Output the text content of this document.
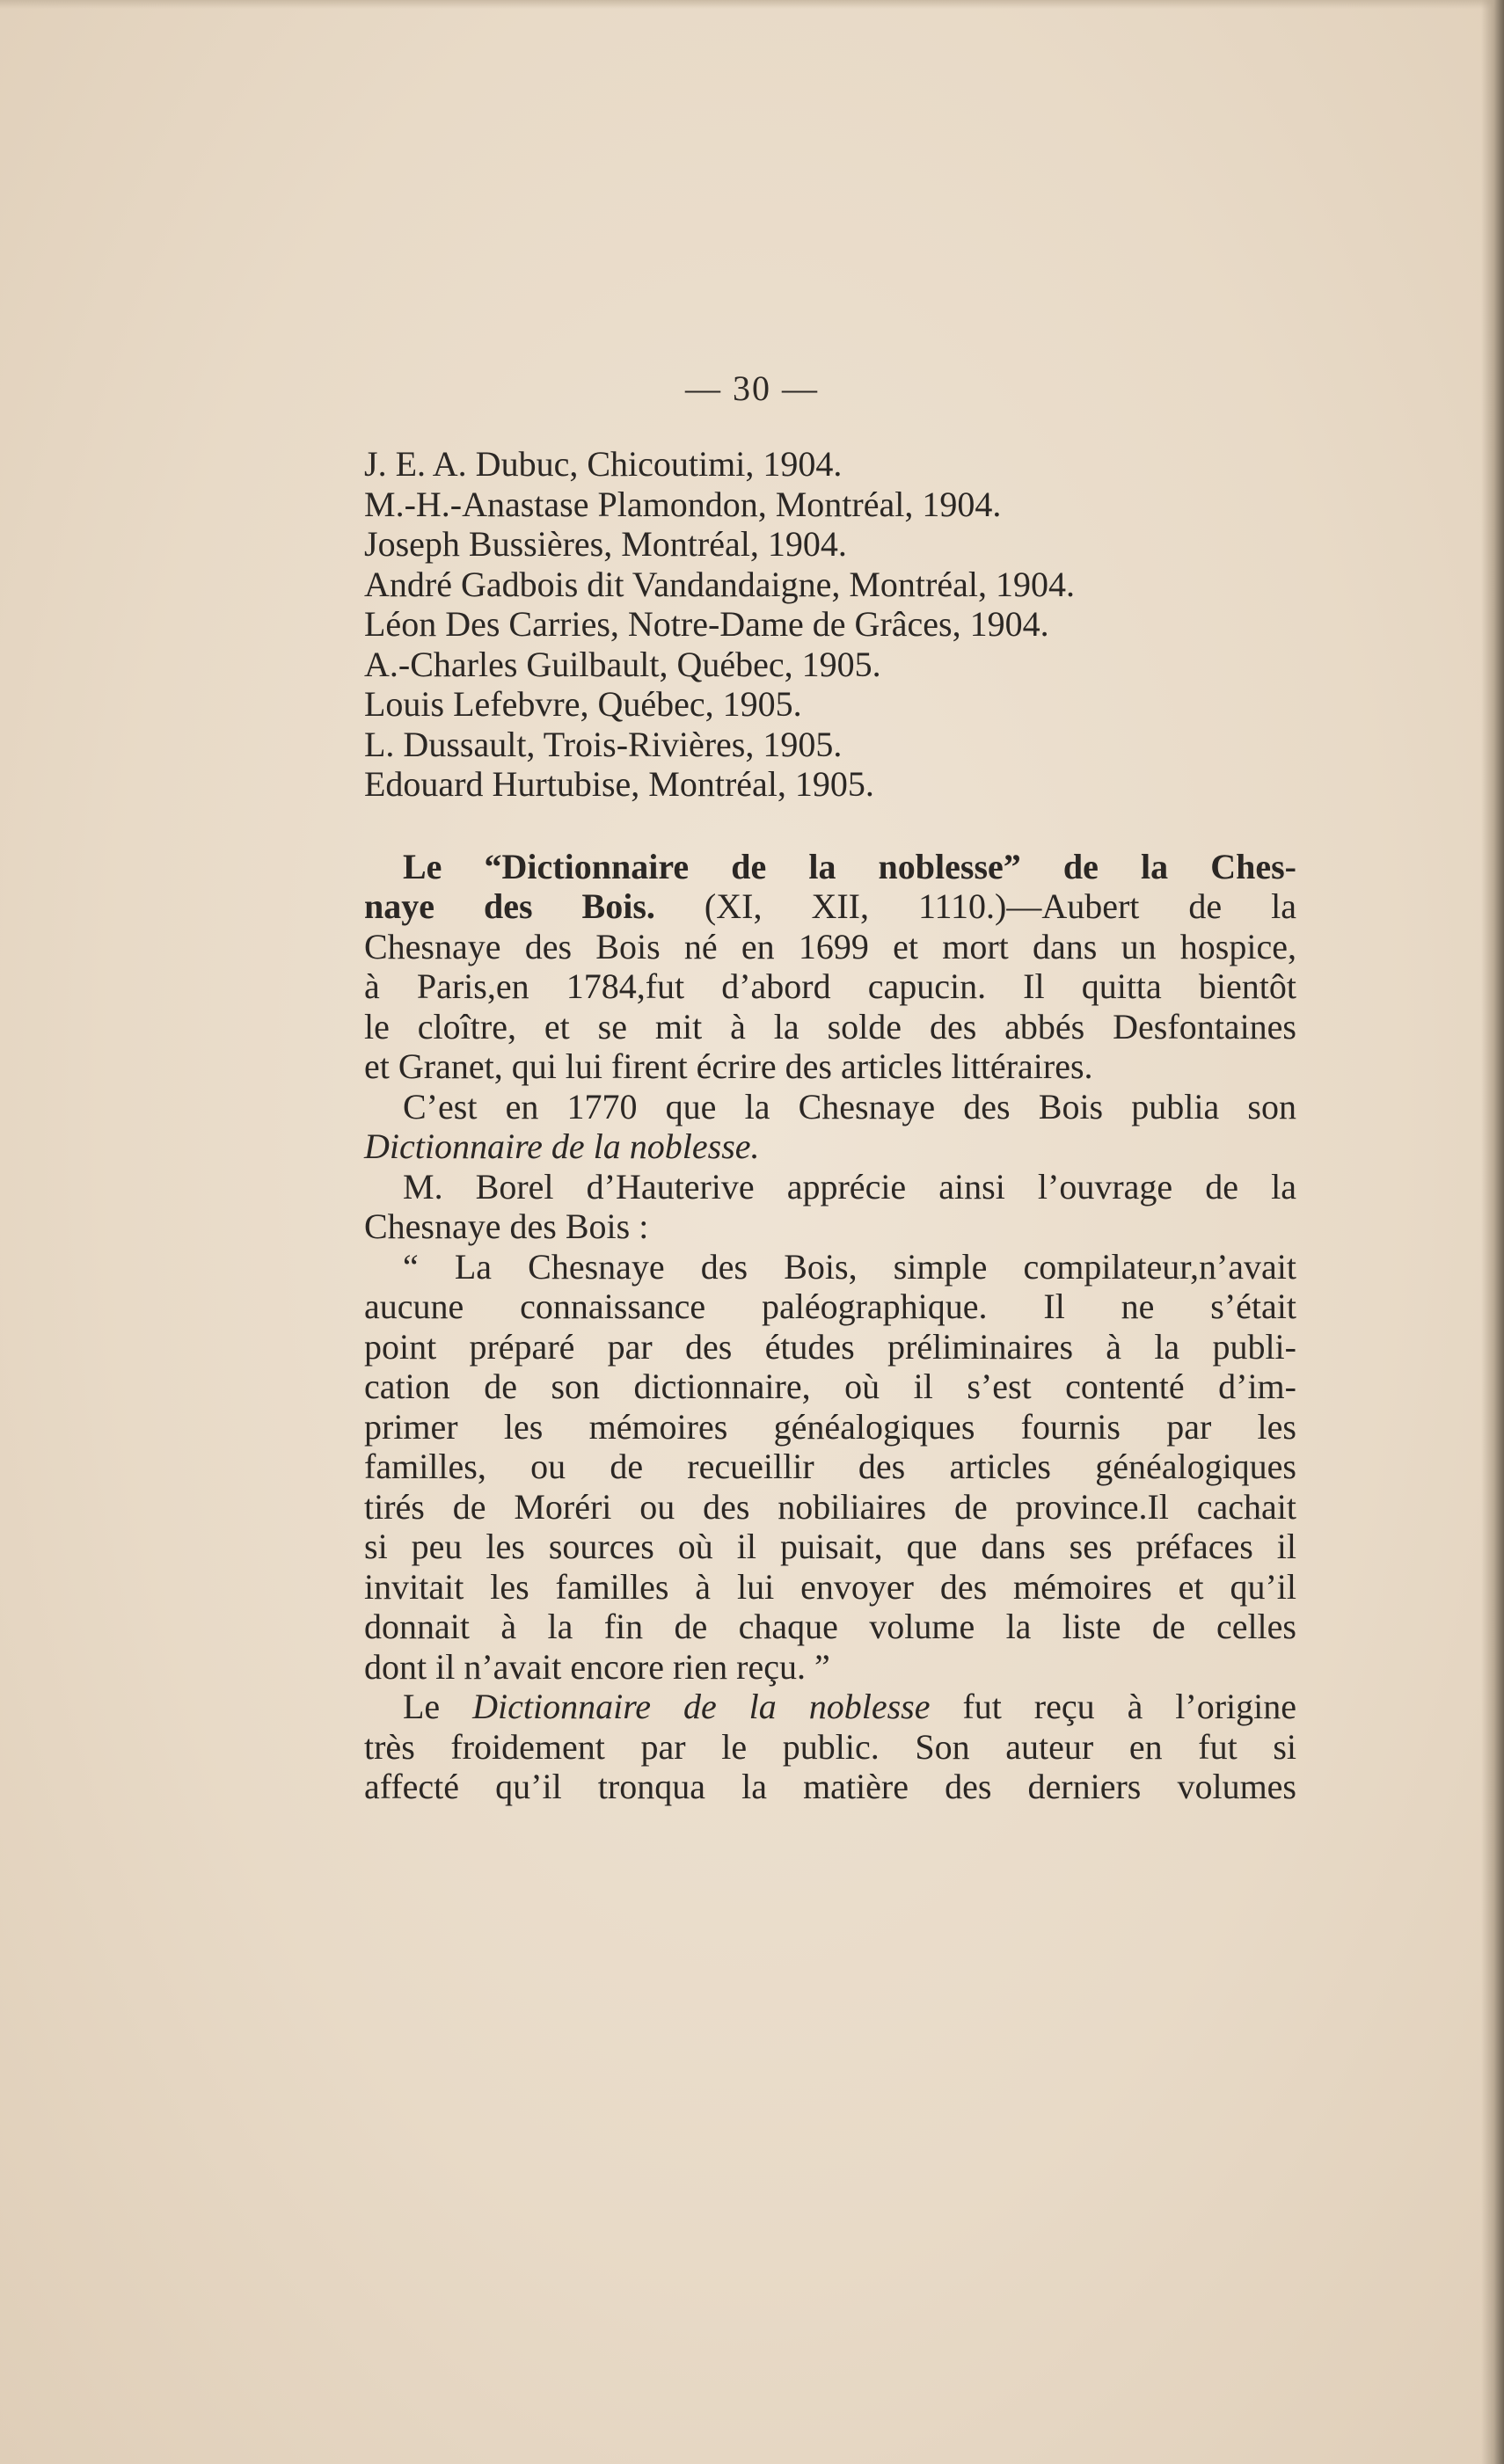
— 30 —
J. E. A. Dubuc, Chicoutimi, 1904.
M.-H.-Anastase Plamondon, Montréal, 1904.
Joseph Bussières, Montréal, 1904.
André Gadbois dit Vandandaigne, Montréal, 1904.
Léon Des Carries, Notre-Dame de Grâces, 1904.
A.-Charles Guilbault, Québec, 1905.
Louis Lefebvre, Québec, 1905.
L. Dussault, Trois-Rivières, 1905.
Edouard Hurtubise, Montréal, 1905.
Le “Dictionnaire de la noblesse” de la Ches-
naye des Bois. (XI, XII, 1110.)—Aubert de la
Chesnaye des Bois né en 1699 et mort dans un hospice,
à Paris,en 1784,fut d’abord capucin. Il quitta bientôt
le cloître, et se mit à la solde des abbés Desfontaines
et Granet, qui lui firent écrire des articles littéraires.
C’est en 1770 que la Chesnaye des Bois publia son
Dictionnaire de la noblesse.
M. Borel d’Hauterive apprécie ainsi l’ouvrage de la
Chesnaye des Bois :
“ La Chesnaye des Bois, simple compilateur,n’avait
aucune connaissance paléographique. Il ne s’était
point préparé par des études préliminaires à la publi-
cation de son dictionnaire, où il s’est contenté d’im-
primer les mémoires généalogiques fournis par les
familles, ou de recueillir des articles généalogiques
tirés de Moréri ou des nobiliaires de province.Il cachait
si peu les sources où il puisait, que dans ses préfaces il
invitait les familles à lui envoyer des mémoires et qu’il
donnait à la fin de chaque volume la liste de celles
dont il n’avait encore rien reçu. ”
Le Dictionnaire de la noblesse fut reçu à l’origine
très froidement par le public. Son auteur en fut si
affecté qu’il tronqua la matière des derniers volumes
